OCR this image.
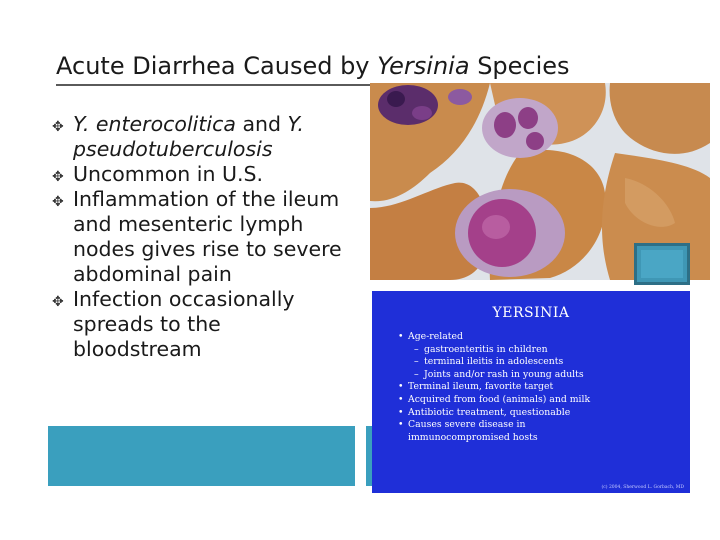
Acute Diarrhea Caused by Yersinia Species
✥ Y. enterocolitica and Y. pseudotuberculosis
✥ Uncommon in U.S.
✥ Inflammation of the ileum and mesenteric lymph nodes gives rise to severe abdominal pain
✥ Infection occasionally spreads to the bloodstream
YERSINIA
• Age-related
– gastroenteritis in children
– terminal ileitis in adolescents
– Joints and/or rash in young adults
• Terminal ileum, favorite target
• Acquired from food (animals) and milk
• Antibiotic treatment, questionable
• Causes severe disease in
immunocompromised hosts
(c) 2004, Sherwood L. Gorbach, MD
